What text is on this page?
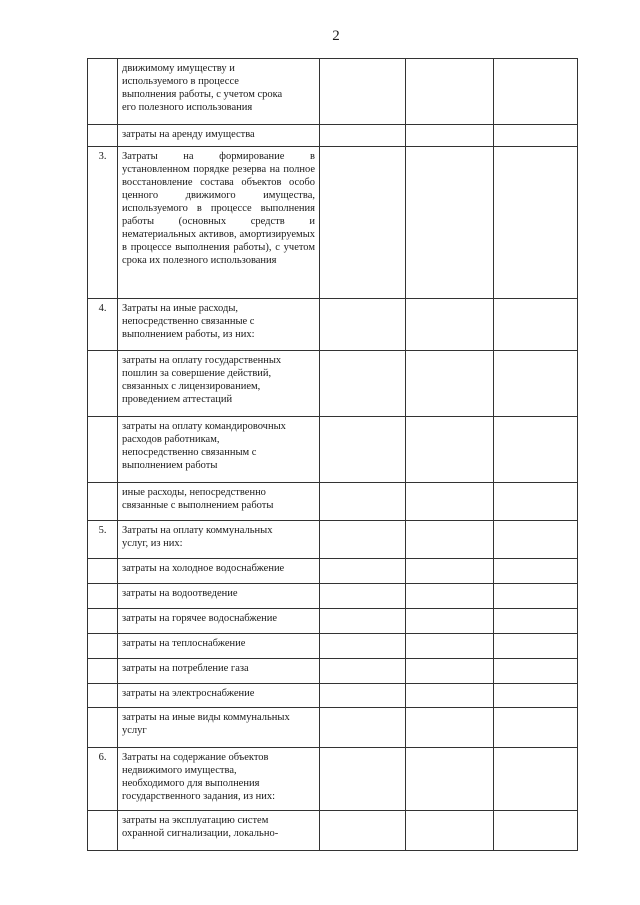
2
	движимому имуществу и
используемого в процессе
выполнения работы, с учетом срока
его полезного использования			
	затраты на аренду имущества			
3.	Затраты на формирование в установленном порядке резерва на полное восстановление состава объектов особо ценного движимого имущества, используемого в процессе выполнения работы (основных средств и нематериальных активов, амортизируемых в процессе выполнения работы), с учетом срока их полезного использования			
4.	Затраты на иные расходы,
непосредственно связанные с
выполнением работы, из них:			
	затраты на оплату государственных
пошлин за совершение действий,
связанных с лицензированием,
проведением аттестаций			
	затраты на оплату командировочных
расходов работникам,
непосредственно связанным с
выполнением работы			
	иные расходы, непосредственно
связанные с выполнением работы			
5.	Затраты на оплату коммунальных
услуг, из них:			
	затраты на холодное водоснабжение			
	затраты на водоотведение			
	затраты на горячее водоснабжение			
	затраты на теплоснабжение			
	затраты на потребление газа			
	затраты на электроснабжение			
	затраты на иные виды коммунальных
услуг			
6.	Затраты на содержание объектов
недвижимого имущества,
необходимого для выполнения
государственного задания, из них:			
	затраты на эксплуатацию систем
охранной сигнализации, локально-			
